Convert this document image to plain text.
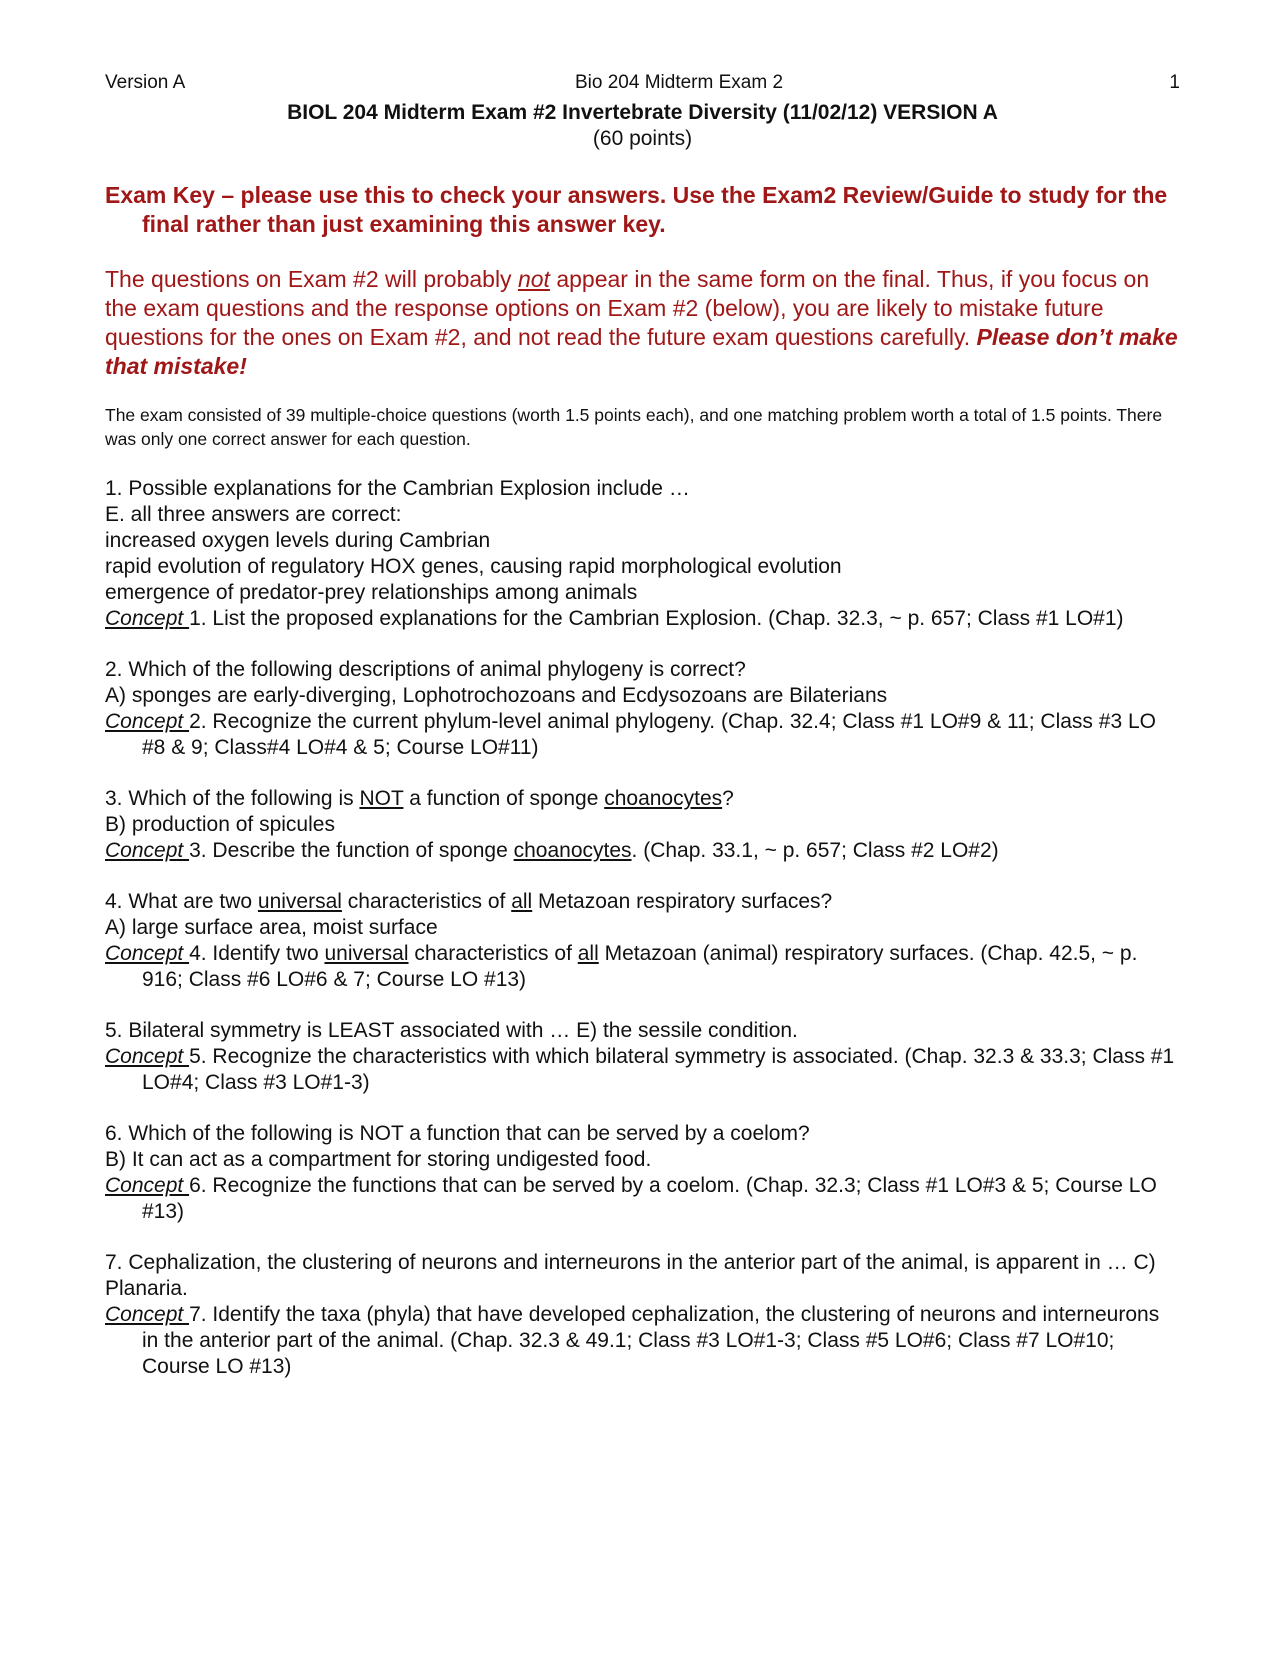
Version A	Bio 204 Midterm Exam 2	1
BIOL 204 Midterm Exam #2 Invertebrate Diversity (11/02/12) VERSION A
(60 points)
Exam Key – please use this to check your answers. Use the Exam2 Review/Guide to study for the final rather than just examining this answer key.
The questions on Exam #2 will probably not appear in the same form on the final. Thus, if you focus on the exam questions and the response options on Exam #2 (below), you are likely to mistake future questions for the ones on Exam #2, and not read the future exam questions carefully. Please don’t make that mistake!
The exam consisted of 39 multiple-choice questions (worth 1.5 points each), and one matching problem worth a total of 1.5 points. There was only one correct answer for each question.
1. Possible explanations for the Cambrian Explosion include …
E. all three answers are correct:
increased oxygen levels during Cambrian
rapid evolution of regulatory HOX genes, causing rapid morphological evolution
emergence of predator-prey relationships among animals
Concept 1. List the proposed explanations for the Cambrian Explosion. (Chap. 32.3, ~ p. 657; Class #1 LO#1)
2. Which of the following descriptions of animal phylogeny is correct?
A) sponges are early-diverging, Lophotrochozoans and Ecdysozoans are Bilaterians
Concept 2. Recognize the current phylum-level animal phylogeny. (Chap. 32.4; Class #1 LO#9 & 11; Class #3 LO #8 & 9; Class#4 LO#4 & 5; Course LO#11)
3. Which of the following is NOT a function of sponge choanocytes?
B) production of spicules
Concept 3. Describe the function of sponge choanocytes. (Chap. 33.1, ~ p. 657; Class #2 LO#2)
4. What are two universal characteristics of all Metazoan respiratory surfaces?
A) large surface area, moist surface
Concept 4. Identify two universal characteristics of all Metazoan (animal) respiratory surfaces. (Chap. 42.5, ~ p. 916; Class #6 LO#6 & 7; Course LO #13)
5. Bilateral symmetry is LEAST associated with … E) the sessile condition.
Concept 5. Recognize the characteristics with which bilateral symmetry is associated. (Chap. 32.3 & 33.3; Class #1 LO#4; Class #3 LO#1-3)
6. Which of the following is NOT a function that can be served by a coelom?
B) It can act as a compartment for storing undigested food.
Concept 6. Recognize the functions that can be served by a coelom. (Chap. 32.3; Class #1 LO#3 & 5; Course LO #13)
7. Cephalization, the clustering of neurons and interneurons in the anterior part of the animal, is apparent in … C) Planaria.
Concept 7. Identify the taxa (phyla) that have developed cephalization, the clustering of neurons and interneurons in the anterior part of the animal. (Chap. 32.3 & 49.1; Class #3 LO#1-3; Class #5 LO#6; Class #7 LO#10; Course LO #13)
